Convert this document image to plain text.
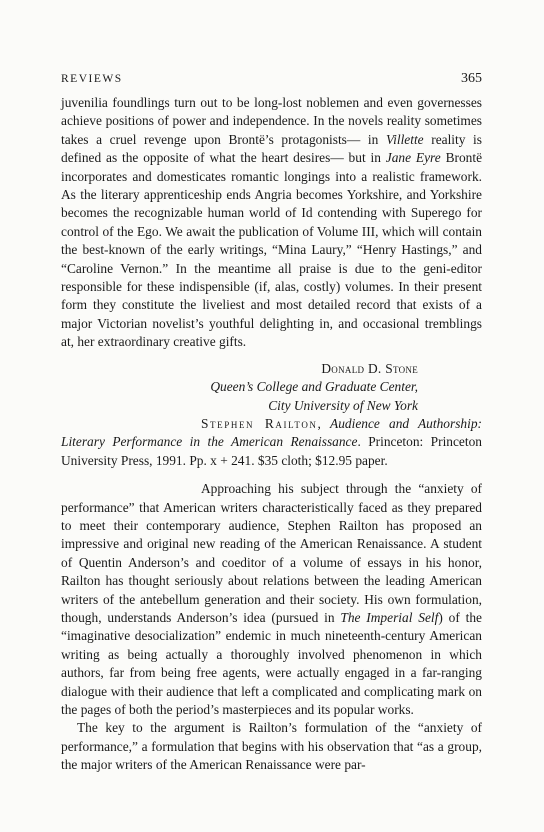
REVIEWS	365

juvenilia foundlings turn out to be long-lost noblemen and even governesses achieve positions of power and independence. In the novels reality sometimes takes a cruel revenge upon Brontë’s protagonists— in Villette reality is defined as the opposite of what the heart desires— but in Jane Eyre Brontë incorporates and domesticates romantic longings into a realistic framework. As the literary apprenticeship ends Angria becomes Yorkshire, and Yorkshire becomes the recognizable human world of Id contending with Superego for control of the Ego. We await the publication of Volume III, which will contain the best-known of the early writings, “Mina Laury,” “Henry Hastings,” and “Caroline Vernon.” In the meantime all praise is due to the geni-editor responsible for these indispensible (if, alas, costly) volumes. In their present form they constitute the liveliest and most detailed record that exists of a major Victorian novelist’s youthful delighting in, and occasional tremblings at, her extraordinary creative gifts.

Donald D. Stone
Queen’s College and Graduate Center,
City University of New York

Stephen Railton, Audience and Authorship: Literary Performance in the American Renaissance. Princeton: Princeton University Press, 1991. Pp. x + 241. $35 cloth; $12.95 paper.

Approaching his subject through the “anxiety of performance” that American writers characteristically faced as they prepared to meet their contemporary audience, Stephen Railton has proposed an impressive and original new reading of the American Renaissance. A student of Quentin Anderson’s and coeditor of a volume of essays in his honor, Railton has thought seriously about relations between the leading American writers of the antebellum generation and their society. His own formulation, though, understands Anderson’s idea (pursued in The Imperial Self) of the “imaginative desocialization” endemic in much nineteenth-century American writing as being actually a thoroughly involved phenomenon in which authors, far from being free agents, were actually engaged in a far-ranging dialogue with their audience that left a complicated and complicating mark on the pages of both the period’s masterpieces and its popular works.

The key to the argument is Railton’s formulation of the “anxiety of performance,” a formulation that begins with his observation that “as a group, the major writers of the American Renaissance were par-
